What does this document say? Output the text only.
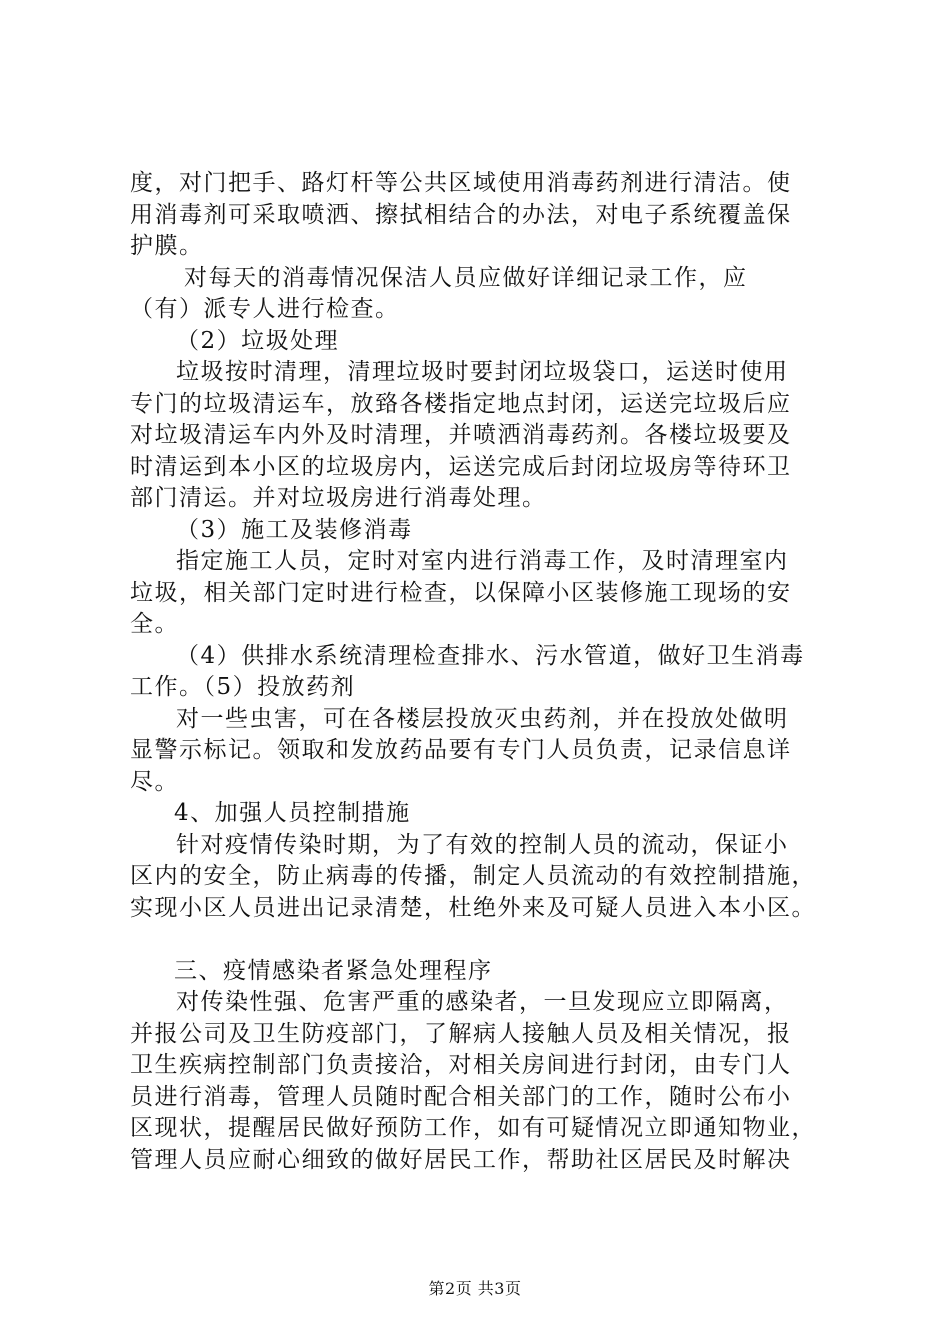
度，对门把手、路灯杆等公共区域使用消毒药剂进行清洁。使
用消毒剂可采取喷洒、擦拭相结合的办法，对电子系统覆盖保
护膜。
对每天的消毒情况保洁人员应做好详细记录工作，应
（有）派专人进行检查。
（2）垃圾处理
垃圾按时清理，清理垃圾时要封闭垃圾袋口，运送时使用
专门的垃圾清运车，放臵各楼指定地点封闭，运送完垃圾后应
对垃圾清运车内外及时清理，并喷洒消毒药剂。各楼垃圾要及
时清运到本小区的垃圾房内，运送完成后封闭垃圾房等待环卫
部门清运。并对垃圾房进行消毒处理。
（3）施工及装修消毒
指定施工人员，定时对室内进行消毒工作，及时清理室内
垃圾，相关部门定时进行检查，以保障小区装修施工现场的安
全。
（4）供排水系统清理检查排水、污水管道，做好卫生消毒
工作。（5）投放药剂
对一些虫害，可在各楼层投放灭虫药剂，并在投放处做明
显警示标记。领取和发放药品要有专门人员负责，记录信息详
尽。
4、加强人员控制措施
针对疫情传染时期，为了有效的控制人员的流动，保证小
区内的安全，防止病毒的传播，制定人员流动的有效控制措施，
实现小区人员进出记录清楚，杜绝外来及可疑人员进入本小区。
三、疫情感染者紧急处理程序
对传染性强、危害严重的感染者，一旦发现应立即隔离，
并报公司及卫生防疫部门，了解病人接触人员及相关情况，报
卫生疾病控制部门负责接洽，对相关房间进行封闭，由专门人
员进行消毒，管理人员随时配合相关部门的工作，随时公布小
区现状，提醒居民做好预防工作，如有可疑情况立即通知物业，
管理人员应耐心细致的做好居民工作，帮助社区居民及时解决
第2页 共3页
